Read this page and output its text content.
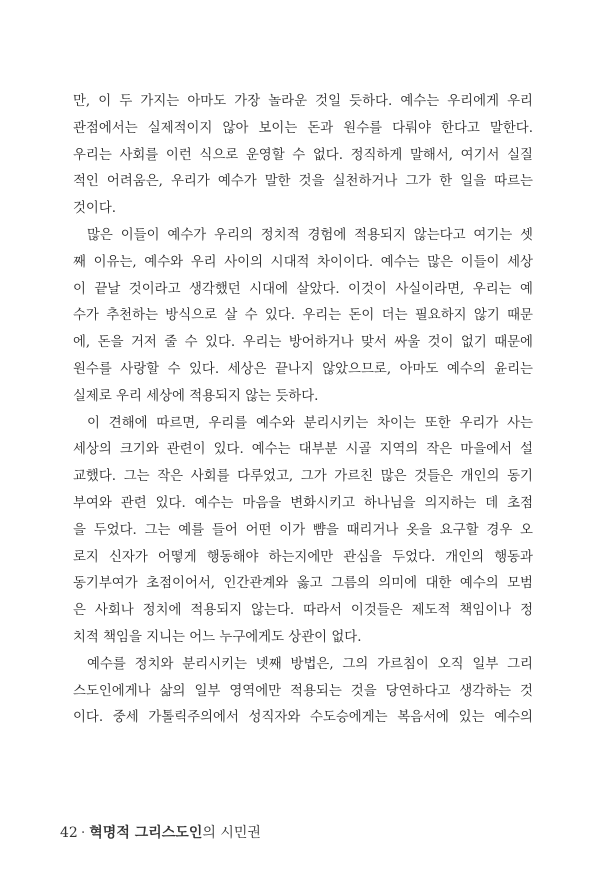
만, 이 두 가지는 아마도 가장 놀라운 것일 듯하다. 예수는 우리에게 우리
관점에서는 실제적이지 않아 보이는 돈과 원수를 다뤄야 한다고 말한다.
우리는 사회를 이런 식으로 운영할 수 없다. 정직하게 말해서, 여기서 실질
적인 어려움은, 우리가 예수가 말한 것을 실천하거나 그가 한 일을 따르는
것이다.
많은 이들이 예수가 우리의 정치적 경험에 적용되지 않는다고 여기는 셋
째 이유는, 예수와 우리 사이의 시대적 차이이다. 예수는 많은 이들이 세상
이 끝날 것이라고 생각했던 시대에 살았다. 이것이 사실이라면, 우리는 예
수가 추천하는 방식으로 살 수 있다. 우리는 돈이 더는 필요하지 않기 때문
에, 돈을 거저 줄 수 있다. 우리는 방어하거나 맞서 싸울 것이 없기 때문에
원수를 사랑할 수 있다. 세상은 끝나지 않았으므로, 아마도 예수의 윤리는
실제로 우리 세상에 적용되지 않는 듯하다.
이 견해에 따르면, 우리를 예수와 분리시키는 차이는 또한 우리가 사는
세상의 크기와 관련이 있다. 예수는 대부분 시골 지역의 작은 마을에서 설
교했다. 그는 작은 사회를 다루었고, 그가 가르친 많은 것들은 개인의 동기
부여와 관련 있다. 예수는 마음을 변화시키고 하나님을 의지하는 데 초점
을 두었다. 그는 예를 들어 어떤 이가 뺨을 때리거나 옷을 요구할 경우 오
로지 신자가 어떻게 행동해야 하는지에만 관심을 두었다. 개인의 행동과
동기부여가 초점이어서, 인간관계와 옳고 그름의 의미에 대한 예수의 모범
은 사회나 정치에 적용되지 않는다. 따라서 이것들은 제도적 책임이나 정
치적 책임을 지니는 어느 누구에게도 상관이 없다.
예수를 정치와 분리시키는 넷째 방법은, 그의 가르침이 오직 일부 그리
스도인에게나 삶의 일부 영역에만 적용되는 것을 당연하다고 생각하는 것
이다. 중세 가톨릭주의에서 성직자와 수도승에게는 복음서에 있는 예수의
42 · 혁명적 그리스도인의 시민권
